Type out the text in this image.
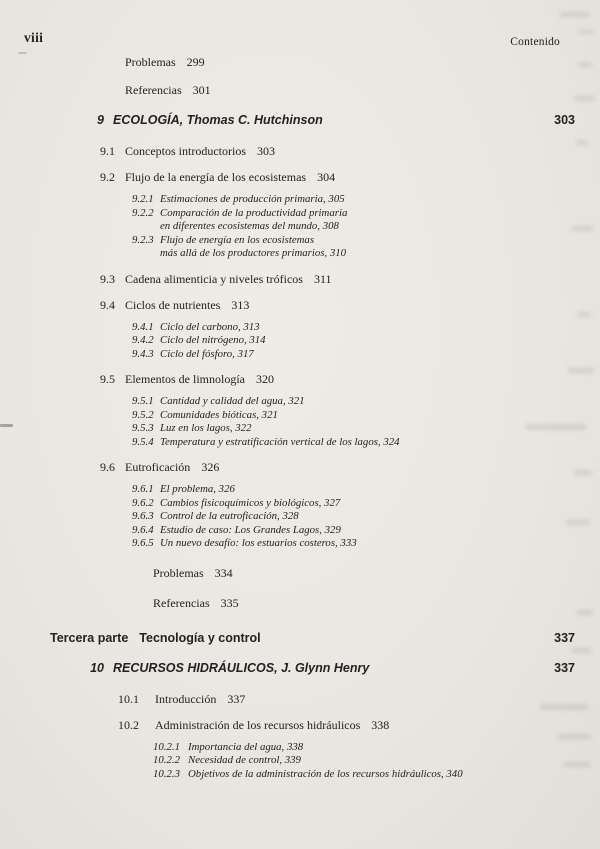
viii	Contenido
Problemas 299
Referencias 301
9 ECOLOGÍA, Thomas C. Hutchinson	303
9.1 Conceptos introductorios 303
9.2 Flujo de la energía de los ecosistemas 304
9.2.1 Estimaciones de producción primaria, 305
9.2.2 Comparación de la productividad primaria
en diferentes ecosistemas del mundo, 308
9.2.3 Flujo de energía en los ecosistemas
más allá de los productores primarios, 310
9.3 Cadena alimenticia y niveles tróficos 311
9.4 Ciclos de nutrientes 313
9.4.1 Ciclo del carbono, 313
9.4.2 Ciclo del nitrógeno, 314
9.4.3 Ciclo del fósforo, 317
9.5 Elementos de limnología 320
9.5.1 Cantidad y calidad del agua, 321
9.5.2 Comunidades bióticas, 321
9.5.3 Luz en los lagos, 322
9.5.4 Temperatura y estratificación vertical de los lagos, 324
9.6 Eutroficación 326
9.6.1 El problema, 326
9.6.2 Cambios fisicoquímicos y biológicos, 327
9.6.3 Control de la eutroficación, 328
9.6.4 Estudio de caso: Los Grandes Lagos, 329
9.6.5 Un nuevo desafío: los estuarios costeros, 333
Problemas 334
Referencias 335
Tercera parte Tecnología y control	337
10 RECURSOS HIDRÁULICOS, J. Glynn Henry	337
10.1	Introducción 337
10.2	Administración de los recursos hidráulicos 338
10.2.1 Importancia del agua, 338
10.2.2 Necesidad de control, 339
10.2.3 Objetivos de la administración de los recursos hidráulicos, 340
